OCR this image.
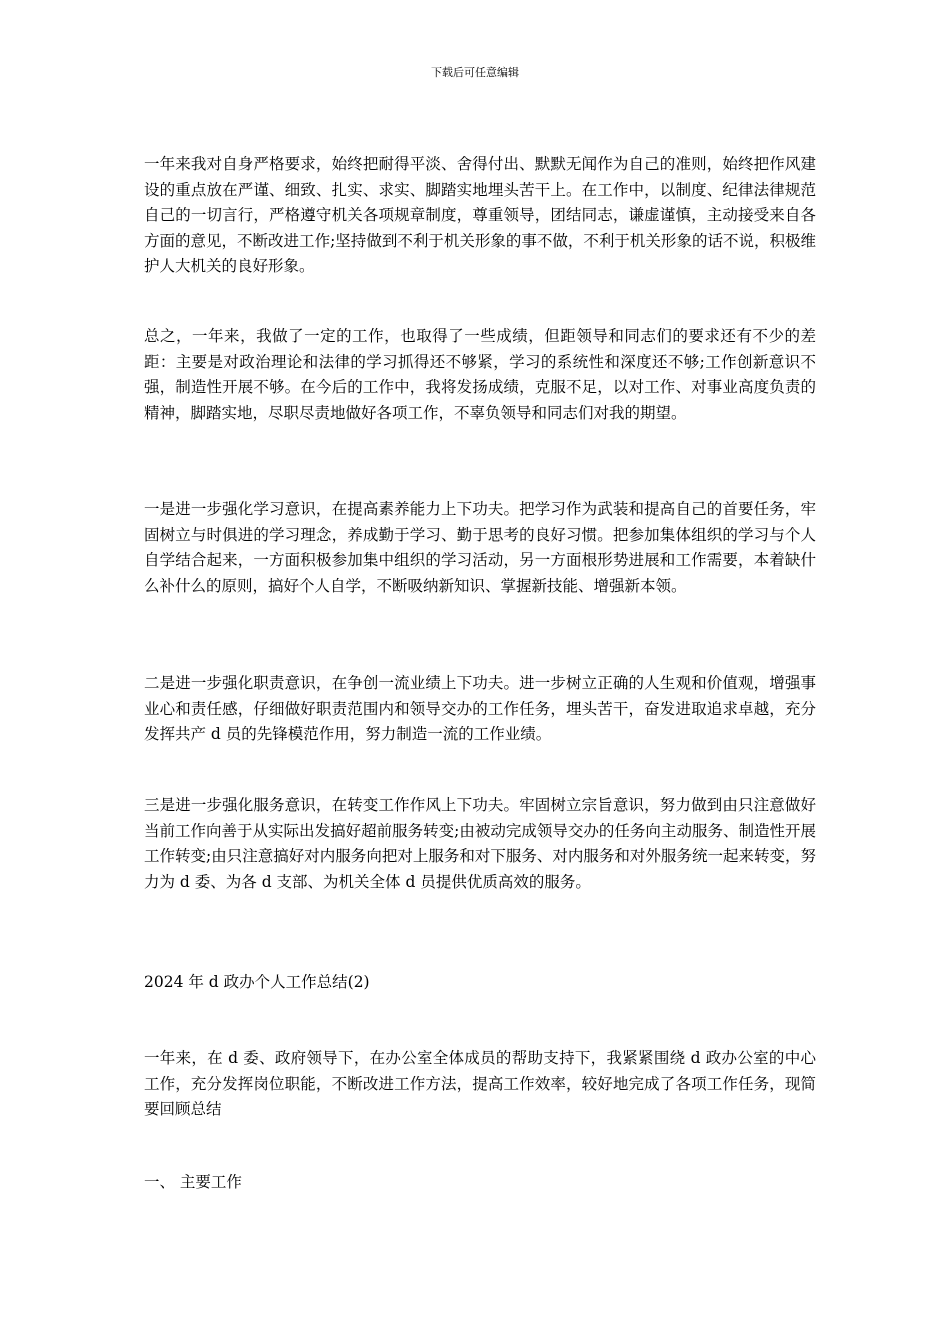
下载后可任意编辑

一年来我对自身严格要求，始终把耐得平淡、舍得付出、默默无闻作为自己的准则，始终把作风建设的重点放在严谨、细致、扎实、求实、脚踏实地埋头苦干上。在工作中，以制度、纪律法律规范自己的一切言行，严格遵守机关各项规章制度，尊重领导，团结同志，谦虚谨慎，主动接受来自各方面的意见，不断改进工作;坚持做到不利于机关形象的事不做，不利于机关形象的话不说，积极维护人大机关的良好形象。

总之，一年来，我做了一定的工作，也取得了一些成绩，但距领导和同志们的要求还有不少的差距：主要是对政治理论和法律的学习抓得还不够紧，学习的系统性和深度还不够;工作创新意识不强，制造性开展不够。在今后的工作中，我将发扬成绩，克服不足，以对工作、对事业高度负责的精神，脚踏实地，尽职尽责地做好各项工作，不辜负领导和同志们对我的期望。

一是进一步强化学习意识，在提高素养能力上下功夫。把学习作为武装和提高自己的首要任务，牢固树立与时俱进的学习理念，养成勤于学习、勤于思考的良好习惯。把参加集体组织的学习与个人自学结合起来，一方面积极参加集中组织的学习活动，另一方面根形势进展和工作需要，本着缺什么补什么的原则，搞好个人自学，不断吸纳新知识、掌握新技能、增强新本领。

二是进一步强化职责意识，在争创一流业绩上下功夫。进一步树立正确的人生观和价值观，增强事业心和责任感，仔细做好职责范围内和领导交办的工作任务，埋头苦干，奋发进取追求卓越，充分发挥共产 d 员的先锋模范作用，努力制造一流的工作业绩。

三是进一步强化服务意识，在转变工作作风上下功夫。牢固树立宗旨意识，努力做到由只注意做好当前工作向善于从实际出发搞好超前服务转变;由被动完成领导交办的任务向主动服务、制造性开展工作转变;由只注意搞好对内服务向把对上服务和对下服务、对内服务和对外服务统一起来转变，努力为 d 委、为各 d 支部、为机关全体 d 员提供优质高效的服务。

2024 年 d 政办个人工作总结(2)

一年来，在 d 委、政府领导下，在办公室全体成员的帮助支持下，我紧紧围绕 d 政办公室的中心工作，充分发挥岗位职能，不断改进工作方法，提高工作效率，较好地完成了各项工作任务，现简要回顾总结

一、 主要工作
